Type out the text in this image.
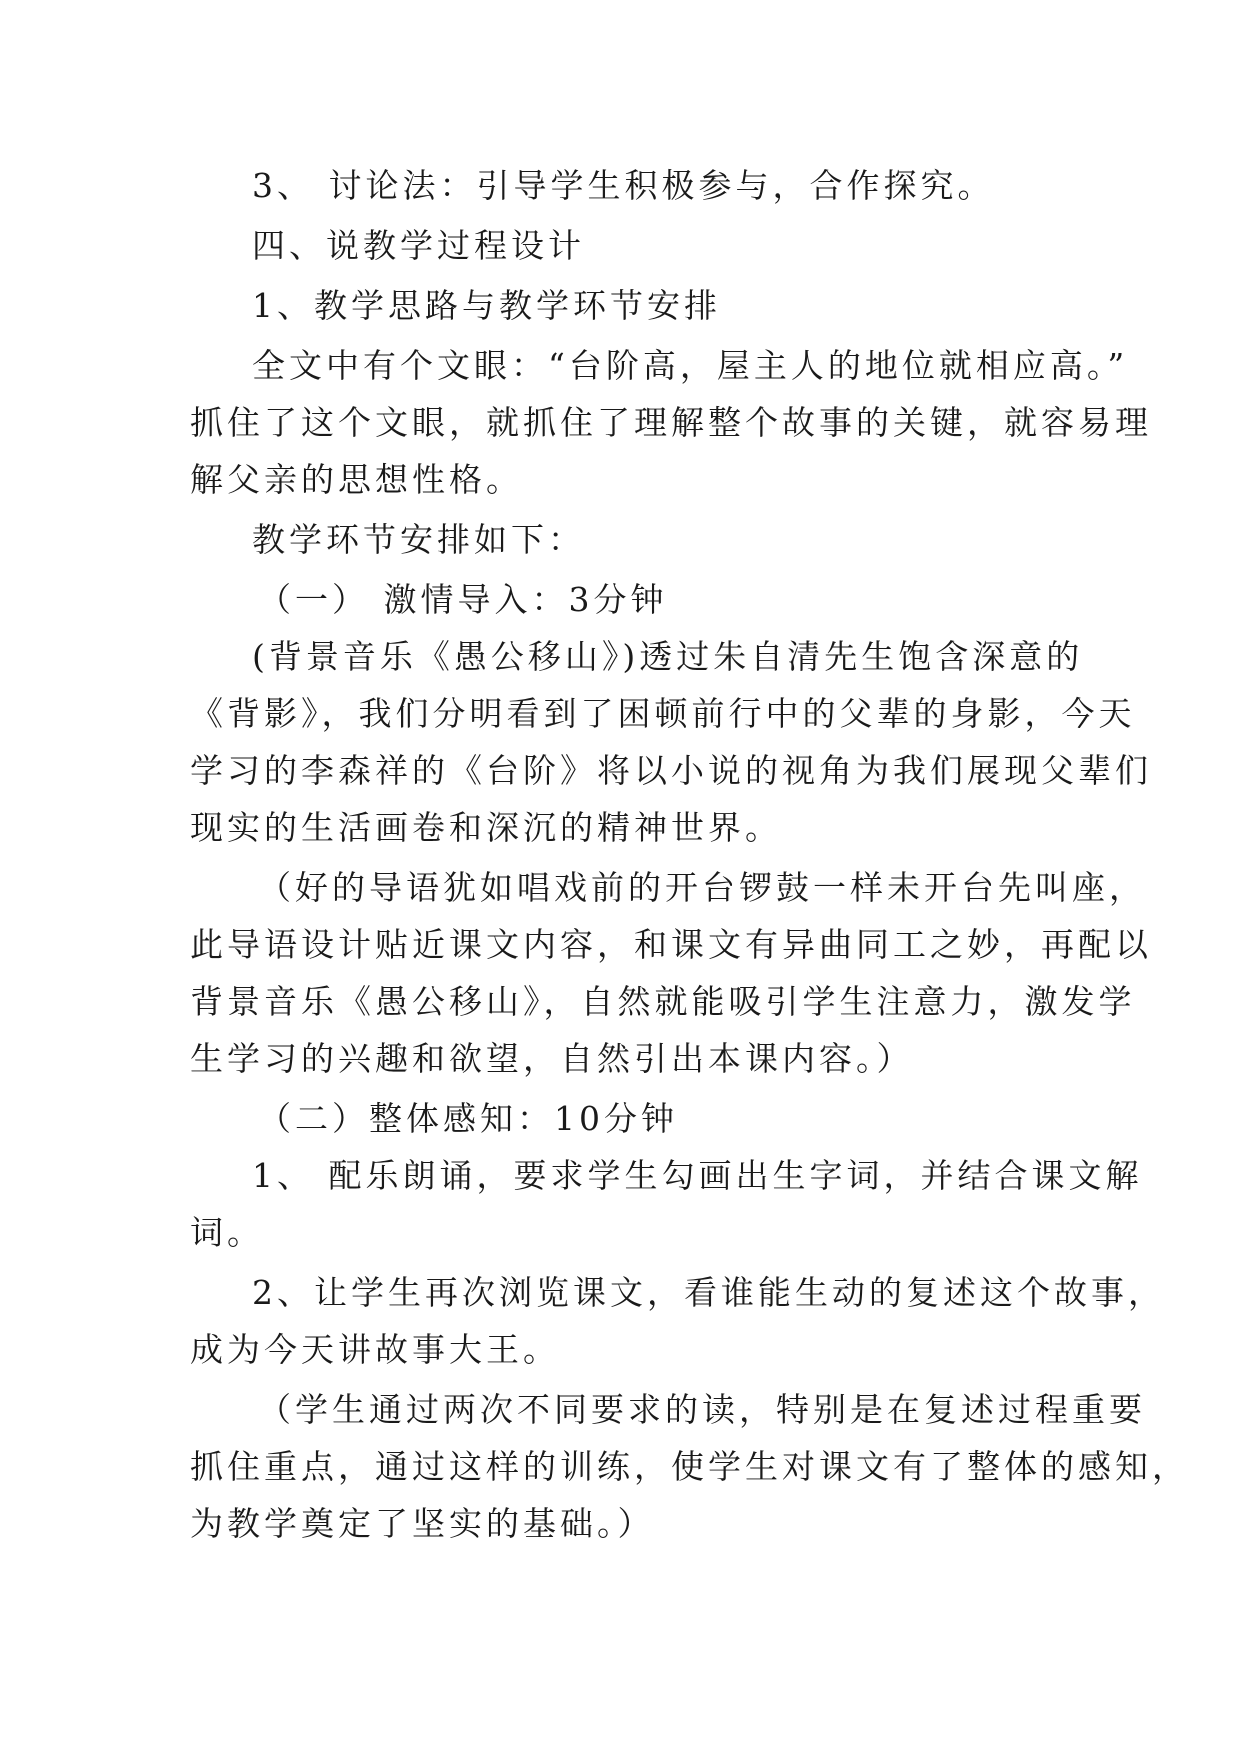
3、 讨论法：引导学生积极参与，合作探究。
四、说教学过程设计
1、教学思路与教学环节安排
全文中有个文眼：“台阶高，屋主人的地位就相应高。”
抓住了这个文眼，就抓住了理解整个故事的关键，就容易理
解父亲的思想性格。
教学环节安排如下：
（一） 激情导入：3分钟
(背景音乐《愚公移山》)透过朱自清先生饱含深意的
《背影》，我们分明看到了困顿前行中的父辈的身影，今天
学习的李森祥的《台阶》将以小说的视角为我们展现父辈们
现实的生活画卷和深沉的精神世界。
（好的导语犹如唱戏前的开台锣鼓一样未开台先叫座，
此导语设计贴近课文内容，和课文有异曲同工之妙，再配以
背景音乐《愚公移山》，自然就能吸引学生注意力，激发学
生学习的兴趣和欲望，自然引出本课内容。）
（二）整体感知：10分钟
1、 配乐朗诵，要求学生勾画出生字词，并结合课文解
词。
2、让学生再次浏览课文，看谁能生动的复述这个故事，
成为今天讲故事大王。
（学生通过两次不同要求的读，特别是在复述过程重要
抓住重点，通过这样的训练，使学生对课文有了整体的感知，
为教学奠定了坚实的基础。）
